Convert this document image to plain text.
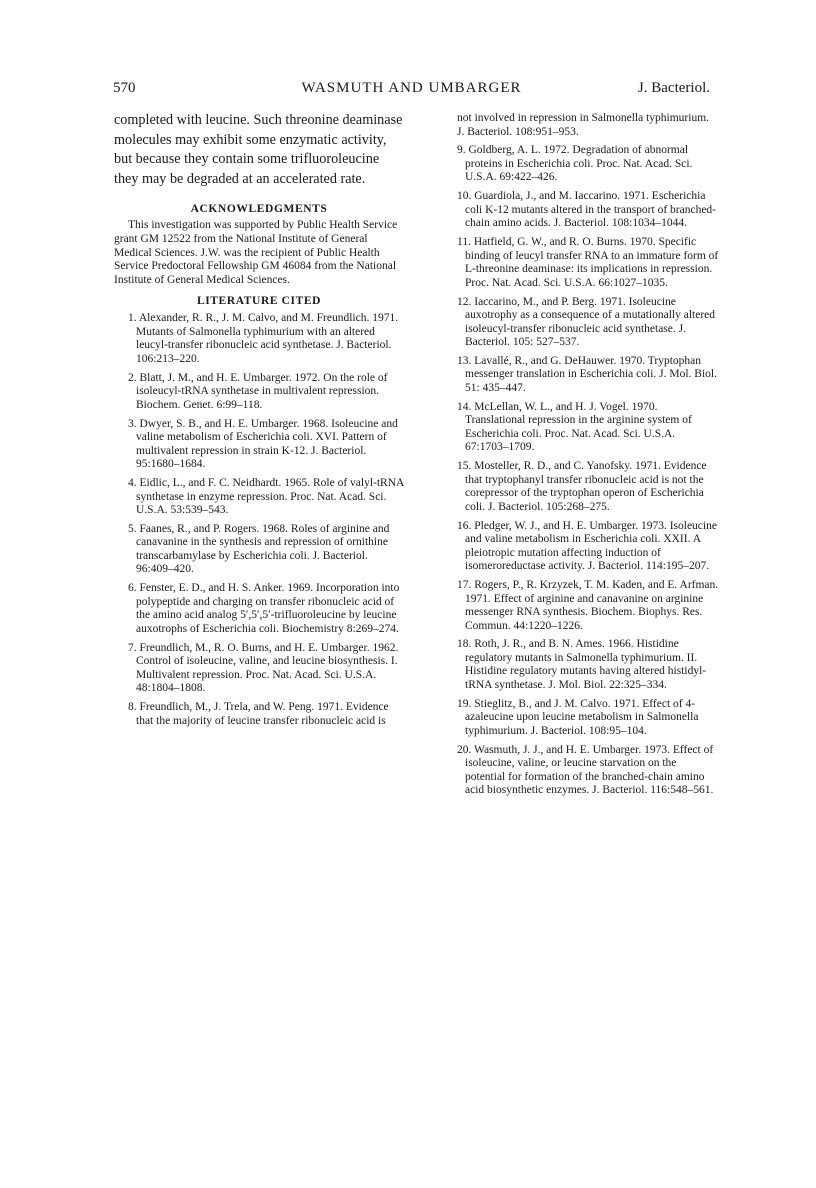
570	WASMUTH AND UMBARGER	J. Bacteriol.

completed with leucine. Such threonine deaminase molecules may exhibit some enzymatic activity, but because they contain some trifluoroleucine they may be degraded at an accelerated rate.

ACKNOWLEDGMENTS

This investigation was supported by Public Health Service grant GM 12522 from the National Institute of General Medical Sciences. J.W. was the recipient of Public Health Service Predoctoral Fellowship GM 46084 from the National Institute of General Medical Sciences.

LITERATURE CITED

1. Alexander, R. R., J. M. Calvo, and M. Freundlich. 1971. Mutants of Salmonella typhimurium with an altered leucyl-transfer ribonucleic acid synthetase. J. Bacteriol. 106:213–220.
2. Blatt, J. M., and H. E. Umbarger. 1972. On the role of isoleucyl-tRNA synthetase in multivalent repression. Biochem. Genet. 6:99–118.
3. Dwyer, S. B., and H. E. Umbarger. 1968. Isoleucine and valine metabolism of Escherichia coli. XVI. Pattern of multivalent repression in strain K-12. J. Bacteriol. 95:1680–1684.
4. Eidlic, L., and F. C. Neidhardt. 1965. Role of valyl-tRNA synthetase in enzyme repression. Proc. Nat. Acad. Sci. U.S.A. 53:539–543.
5. Faanes, R., and P. Rogers. 1968. Roles of arginine and canavanine in the synthesis and repression of ornithine transcarbamylase by Escherichia coli. J. Bacteriol. 96:409–420.
6. Fenster, E. D., and H. S. Anker. 1969. Incorporation into polypeptide and charging on transfer ribonucleic acid of the amino acid analog 5′,5′,5′-trifluoroleucine by leucine auxotrophs of Escherichia coli. Biochemistry 8:269–274.
7. Freundlich, M., R. O. Burns, and H. E. Umbarger. 1962. Control of isoleucine, valine, and leucine biosynthesis. I. Multivalent repression. Proc. Nat. Acad. Sci. U.S.A. 48:1804–1808.
8. Freundlich, M., J. Trela, and W. Peng. 1971. Evidence that the majority of leucine transfer ribonucleic acid is
not involved in repression in Salmonella typhimurium. J. Bacteriol. 108:951–953.
9. Goldberg, A. L. 1972. Degradation of abnormal proteins in Escherichia coli. Proc. Nat. Acad. Sci. U.S.A. 69:422–426.
10. Guardiola, J., and M. Iaccarino. 1971. Escherichia coli K-12 mutants altered in the transport of branched-chain amino acids. J. Bacteriol. 108:1034–1044.
11. Hatfield, G. W., and R. O. Burns. 1970. Specific binding of leucyl transfer RNA to an immature form of L-threonine deaminase: its implications in repression. Proc. Nat. Acad. Sci. U.S.A. 66:1027–1035.
12. Iaccarino, M., and P. Berg. 1971. Isoleucine auxotrophy as a consequence of a mutationally altered isoleucyl-transfer ribonucleic acid synthetase. J. Bacteriol. 105: 527–537.
13. Lavallé, R., and G. DeHauwer. 1970. Tryptophan messenger translation in Escherichia coli. J. Mol. Biol. 51: 435–447.
14. McLellan, W. L., and H. J. Vogel. 1970. Translational repression in the arginine system of Escherichia coli. Proc. Nat. Acad. Sci. U.S.A. 67:1703–1709.
15. Mosteller, R. D., and C. Yanofsky. 1971. Evidence that tryptophanyl transfer ribonucleic acid is not the corepressor of the tryptophan operon of Escherichia coli. J. Bacteriol. 105:268–275.
16. Pledger, W. J., and H. E. Umbarger. 1973. Isoleucine and valine metabolism in Escherichia coli. XXII. A pleiotropic mutation affecting induction of isomeroreductase activity. J. Bacteriol. 114:195–207.
17. Rogers, P., R. Krzyzek, T. M. Kaden, and E. Arfman. 1971. Effect of arginine and canavanine on arginine messenger RNA synthesis. Biochem. Biophys. Res. Commun. 44:1220–1226.
18. Roth, J. R., and B. N. Ames. 1966. Histidine regulatory mutants in Salmonella typhimurium. II. Histidine regulatory mutants having altered histidyl-tRNA synthetase. J. Mol. Biol. 22:325–334.
19. Stieglitz, B., and J. M. Calvo. 1971. Effect of 4-azaleucine upon leucine metabolism in Salmonella typhimurium. J. Bacteriol. 108:95–104.
20. Wasmuth, J. J., and H. E. Umbarger. 1973. Effect of isoleucine, valine, or leucine starvation on the potential for formation of the branched-chain amino acid biosynthetic enzymes. J. Bacteriol. 116:548–561.
